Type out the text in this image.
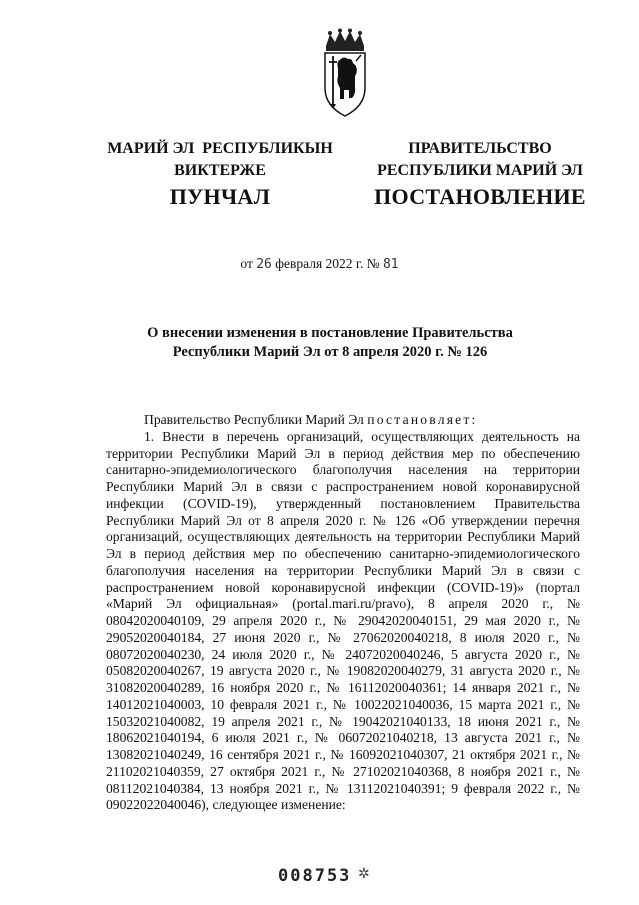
МАРИЙ ЭЛ  РЕСПУБЛИКЫН
ВИКТЕРЖЕ
ПУНЧАЛ
ПРАВИТЕЛЬСТВО
РЕСПУБЛИКИ МАРИЙ ЭЛ
ПОСТАНОВЛЕНИЕ
от 26 февраля 2022 г. № 81
О внесении изменения в постановление Правительства
Республики Марий Эл от 8 апреля 2020 г. № 126

Правительство Республики Марий Эл постановляет:

1. Внести в перечень организаций, осуществляющих деятельность на территории Республики Марий Эл в период действия мер по обеспечению санитарно-эпидемиологического благополучия населения на территории Республики Марий Эл в связи с распространением новой коронавирусной инфекции (COVID-19), утвержденный постановлением Правительства Республики Марий Эл от 8 апреля 2020 г. № 126 «Об утверждении перечня организаций, осуществляющих деятельность на территории Республики Марий Эл в период действия мер по обеспечению санитарно-эпидемиологического благополучия населения на территории Республики Марий Эл в связи с распространением новой коронавирусной инфекции (COVID-19)» (портал «Марий Эл официальная» (portal.mari.ru/pravo), 8 апреля 2020 г., № 08042020040109, 29 апреля 2020 г., № 29042020040151, 29 мая 2020 г., № 29052020040184, 27 июня 2020 г., № 27062020040218, 8 июля 2020 г., № 08072020040230, 24 июля 2020 г., № 24072020040246, 5 августа 2020 г., № 05082020040267, 19 августа 2020 г., № 19082020040279, 31 августа 2020 г., № 31082020040289, 16 ноября 2020 г., № 16112020040361; 14 января 2021 г., № 14012021040003, 10 февраля 2021 г., № 10022021040036, 15 марта 2021 г., № 15032021040082, 19 апреля 2021 г., № 19042021040133, 18 июня 2021 г., № 18062021040194, 6 июля 2021 г., № 06072021040218, 13 августа 2021 г., № 13082021040249, 16 сентября 2021 г., № 16092021040307, 21 октября 2021 г., № 21102021040359, 27 октября 2021 г., № 27102021040368, 8 ноября 2021 г., № 08112021040384, 13 ноября 2021 г., № 13112021040391; 9 февраля 2022 г., № 09022022040046), следующее изменение:

008753 ✲
